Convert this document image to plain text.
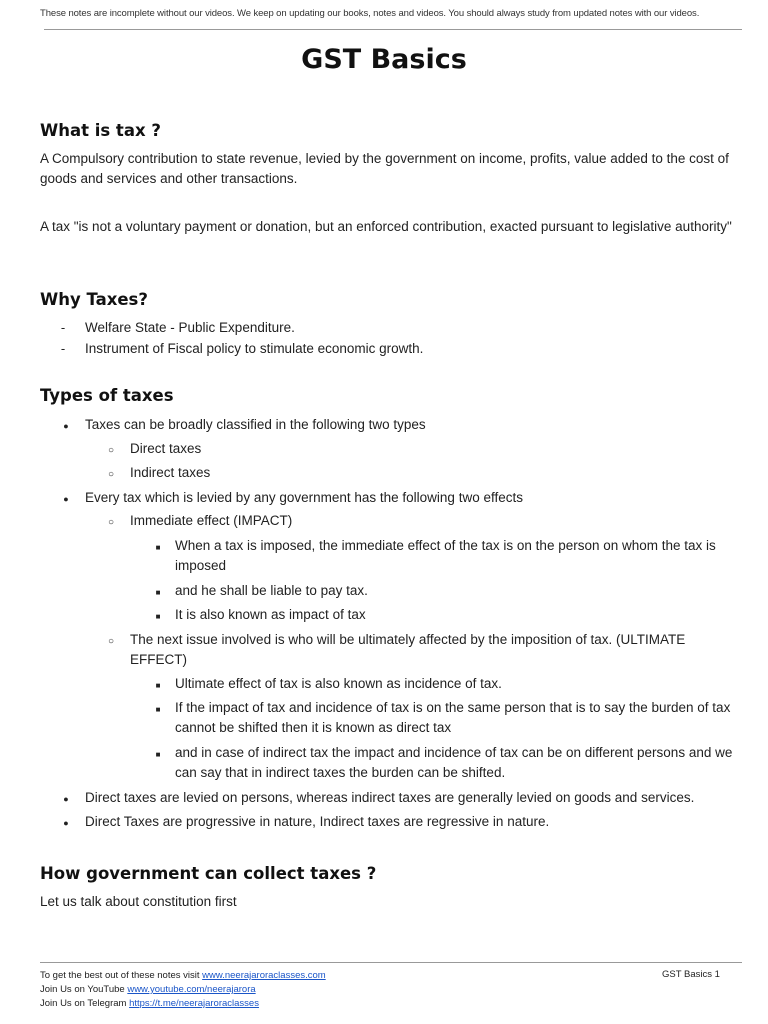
These notes are incomplete without our videos. We keep on updating our books, notes and videos. You should always study from updated notes with our videos.
GST Basics
What is tax ?

A Compulsory contribution to state revenue, levied by the government on income, profits, value added to the cost of goods and services and other transactions.

A tax "is not a voluntary payment or donation, but an enforced contribution, exacted pursuant to legislative authority"

Why Taxes?
-
Welfare State - Public Expenditure.
-
Instrument of Fiscal policy to stimulate economic growth.
Types of taxes
●
Taxes can be broadly classified in the following two types
○
Direct taxes
○
Indirect taxes
●
Every tax which is levied by any government has the following two effects
○
Immediate effect (IMPACT)
■
When a tax is imposed, the immediate effect of the tax is on the person on whom the tax is imposed
■
and he shall be liable to pay tax.
■
It is also known as impact of tax
○
The next issue involved is who will be ultimately affected by the imposition of tax. (ULTIMATE EFFECT)
■
Ultimate effect of tax is also known as incidence of tax.
■
If the impact of tax and incidence of tax is on the same person that is to say the burden of tax cannot be shifted then it is known as direct tax
■
and in case of indirect tax the impact and incidence of tax can be on different persons and we can say that in indirect taxes the burden can be shifted.
●
Direct taxes are levied on persons, whereas indirect taxes are generally levied on goods and services.
●
Direct Taxes are progressive in nature, Indirect taxes are regressive in nature.
How government can collect taxes ?

Let us talk about constitution first

To get the best out of these notes visit www.neerajaroraclasses.com
Join Us on YouTube www.youtube.com/neerajarora
Join Us on Telegram https://t.me/neerajaroraclasses
GST Basics 1
